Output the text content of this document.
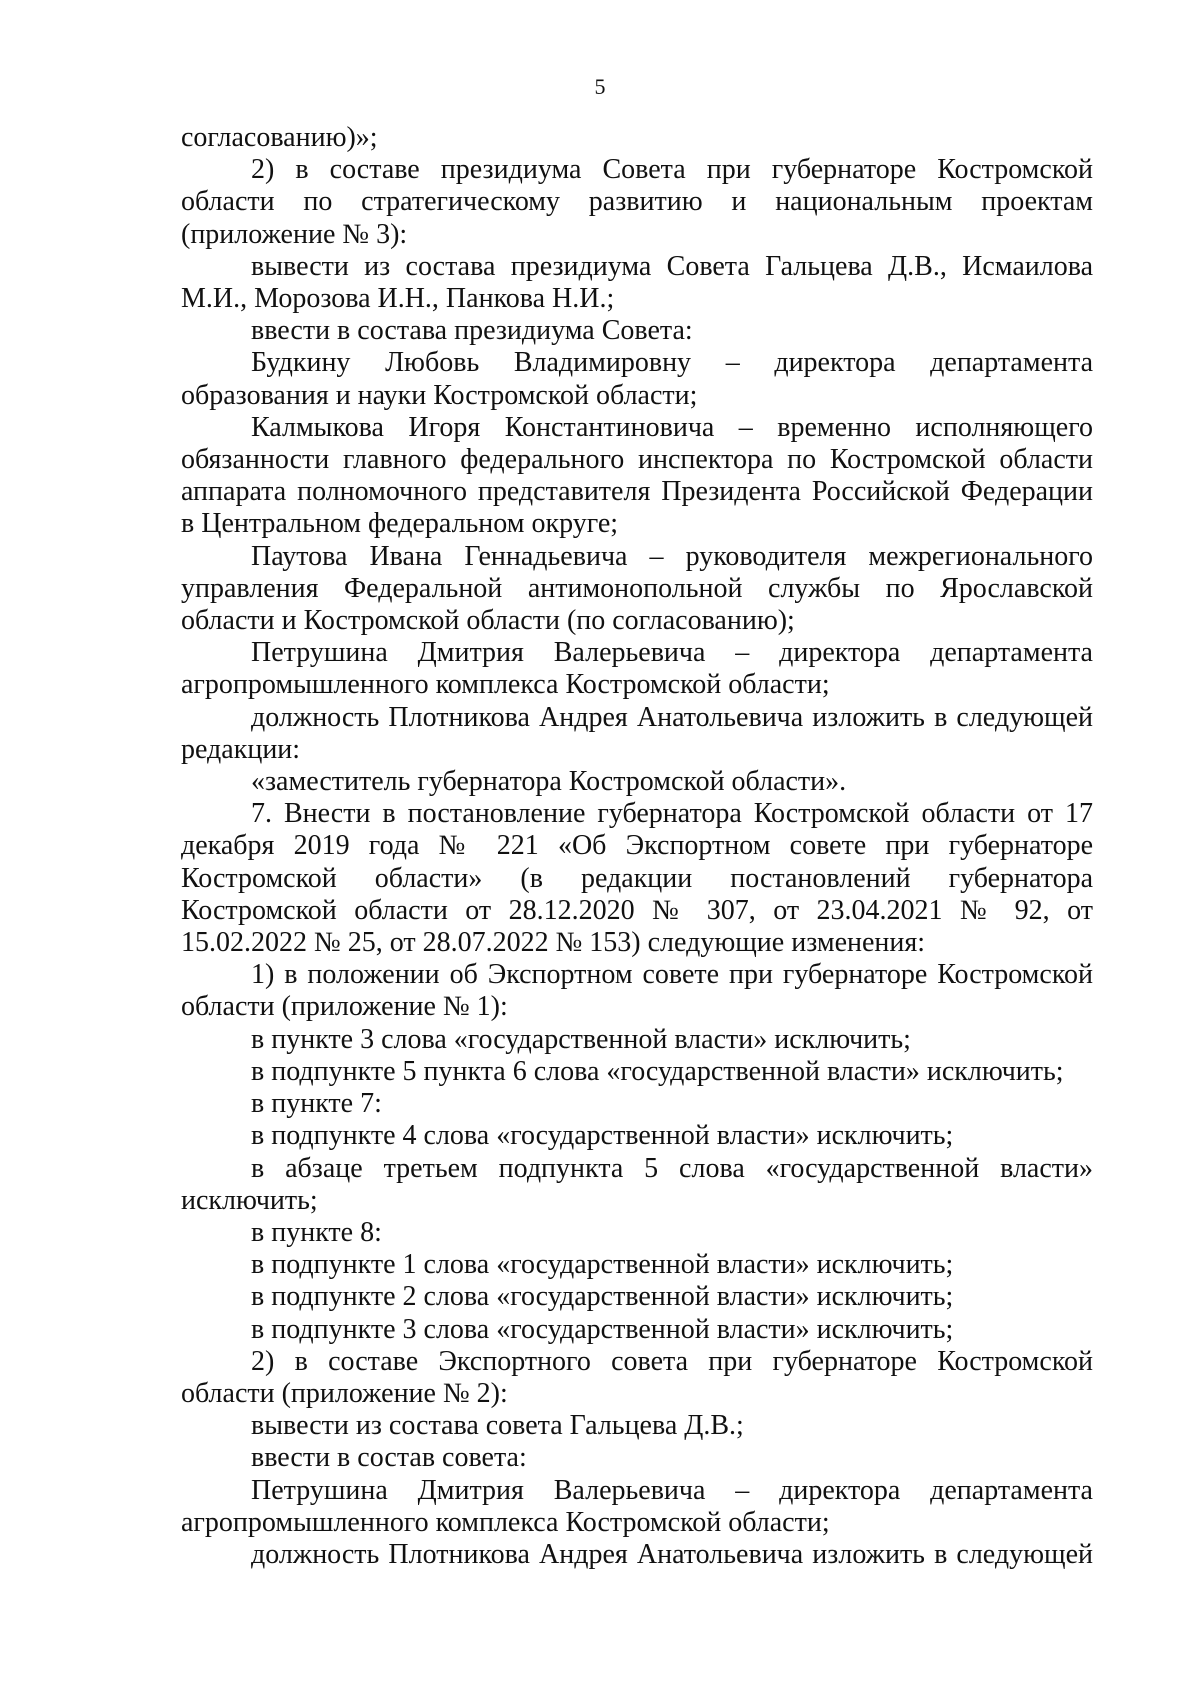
5

согласованию)»;

2) в составе президиума Совета при губернаторе Костромской области по стратегическому развитию и национальным проектам (приложение № 3):

вывести из состава президиума Совета Гальцева Д.В., Исмаилова М.И., Морозова И.Н., Панкова Н.И.;

ввести в состава президиума Совета:

Будкину Любовь Владимировну – директора департамента образования и науки Костромской области;

Калмыкова Игоря Константиновича – временно исполняющего обязанности главного федерального инспектора по Костромской области аппарата полномочного представителя Президента Российской Федерации в Центральном федеральном округе;

Паутова Ивана Геннадьевича – руководителя межрегионального управления Федеральной антимонопольной службы по Ярославской области и Костромской области (по согласованию);

Петрушина Дмитрия Валерьевича – директора департамента агропромышленного комплекса Костромской области;

должность Плотникова Андрея Анатольевича изложить в следующей редакции:

«заместитель губернатора Костромской области».

7. Внести в постановление губернатора Костромской области от 17 декабря 2019 года № 221 «Об Экспортном совете при губернаторе Костромской области» (в редакции постановлений губернатора Костромской области от 28.12.2020 № 307, от 23.04.2021 № 92, от 15.02.2022 № 25, от 28.07.2022 № 153) следующие изменения:

1) в положении об Экспортном совете при губернаторе Костромской области (приложение № 1):

в пункте 3 слова «государственной власти» исключить;

в подпункте 5 пункта 6 слова «государственной власти» исключить;

в пункте 7:

в подпункте 4 слова «государственной власти» исключить;

в абзаце третьем подпункта 5 слова «государственной власти» исключить;

в пункте 8:

в подпункте 1 слова «государственной власти» исключить;

в подпункте 2 слова «государственной власти» исключить;

в подпункте 3 слова «государственной власти» исключить;

2) в составе Экспортного совета при губернаторе Костромской области (приложение № 2):

вывести из состава совета Гальцева Д.В.;

ввести в состав совета:

Петрушина Дмитрия Валерьевича – директора департамента агропромышленного комплекса Костромской области;

должность Плотникова Андрея Анатольевича изложить в следующей
